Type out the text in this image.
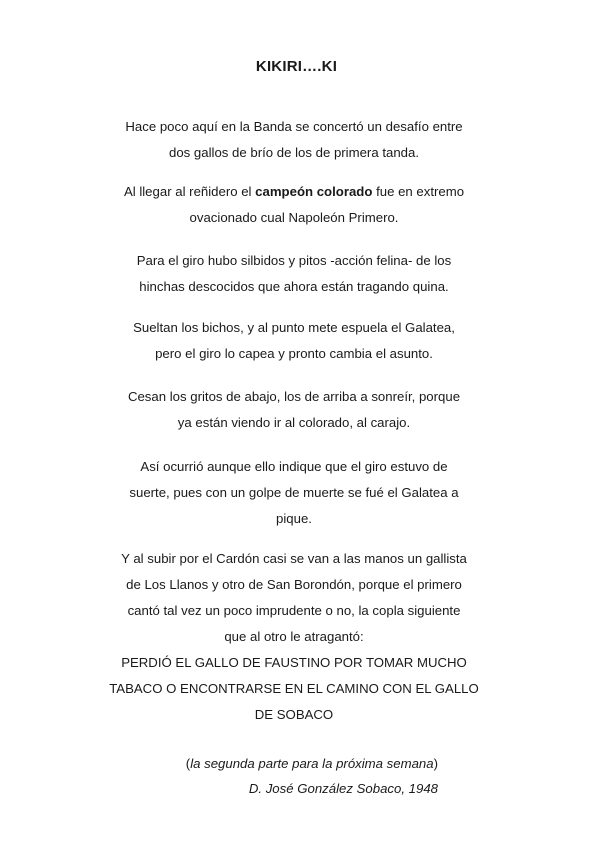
KIKIRI….KI
Hace poco aquí en la Banda se concertó un desafío entre
dos gallos de brío de los de primera tanda.
Al llegar al reñidero el campeón colorado fue en extremo
ovacionado cual Napoleón Primero.
Para el giro hubo silbidos y pitos -acción felina- de los
hinchas descocidos que ahora están tragando quina.
Sueltan los bichos, y al punto mete espuela el Galatea,
pero el giro lo capea y pronto cambia el asunto.
Cesan los gritos de abajo, los de arriba a sonreír, porque
ya están viendo ir al colorado, al carajo.
Así ocurrió aunque ello indique que el giro estuvo de
suerte, pues con un golpe de muerte se fué el Galatea a
pique.
Y al subir por el Cardón casi se van a las manos un gallista
de Los Llanos y otro de San Borondón, porque el primero
cantó tal vez un poco imprudente o no, la copla siguiente
que al otro le atragantó:
PERDIÓ EL GALLO DE FAUSTINO POR TOMAR MUCHO
TABACO O ENCONTRARSE EN EL CAMINO CON EL GALLO
DE SOBACO
(la segunda parte para la próxima semana)
D. José González Sobaco, 1948
